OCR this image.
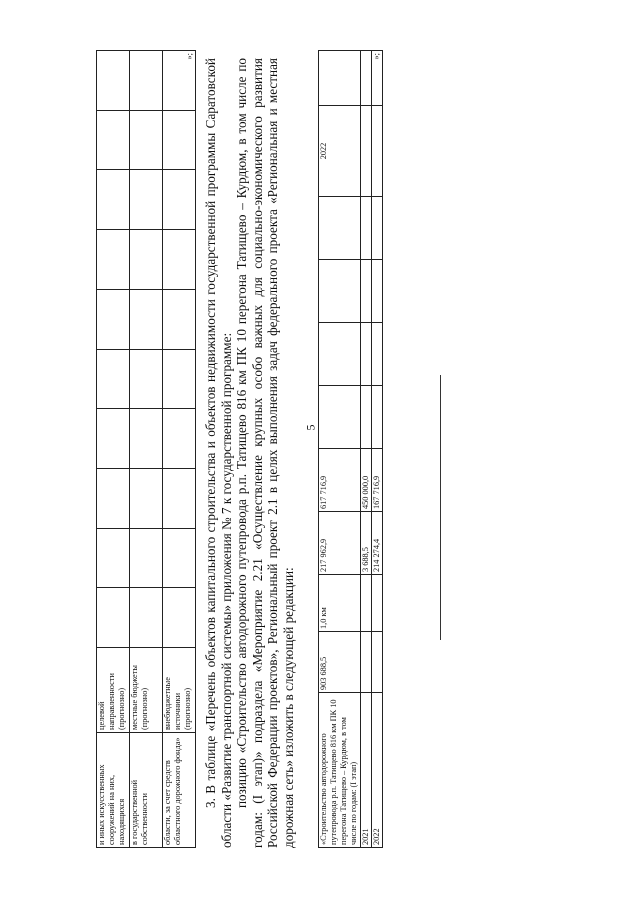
5
и иных искусственных сооружений на них, находящихся	целевой направленности (прогнозно)										
в государственной собственности	местные бюджеты (прогнозно)										
области, за счет средств областного дорожного фонда»	внебюджетные источники (прогнозно)										»;

3. В таблице «Перечень объектов капитального строительства и объектов недвижимости государственной программы Саратовской области «Развитие транспортной системы» приложения № 7 к государственной программе: позицию «Строительство автодорожного путепровода р.п. Татищево 816 км ПК 10 перегона Татищево – Курдюм, в том числе по годам: (I этап)» подраздела «Мероприятие 2.21 «Осуществление крупных особо важных для социально-экономического развития Российской Федерации проектов», Региональный проект 2.1 в целях выполнения задач федерального проекта «Региональная и местная дорожная сеть» изложить в следующей редакции:	«Строительство автодорожного путепровода р.п. Татищево 816 км ПК 10 перегона Татищево – Курдюм, в том числе по годам: (I этап)	903 688,5	1,0 км	217 962,9	617 716,9					2022	
2021			3 688,5	450 000,0						
2022			214 274,4	167 716,9						»;
